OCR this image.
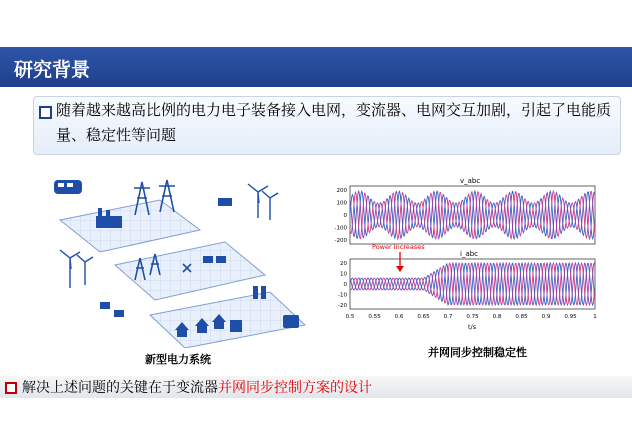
研究背景

随着越来越高比例的电力电子装备接入电网，变流器、电网交互加剧，引起了电能质量、稳定性等问题

新型电力系统
v_abc
i_abc
200
100
0
-100
-200
20
10
0
-10
-20
0.5	0.55	0.6	0.65	0.7	0.75	0.8	0.85	0.9	0.95	1
Power Increases
t/s
并网同步控制稳定性
解决上述问题的关键在于变流器并网同步控制方案的设计
